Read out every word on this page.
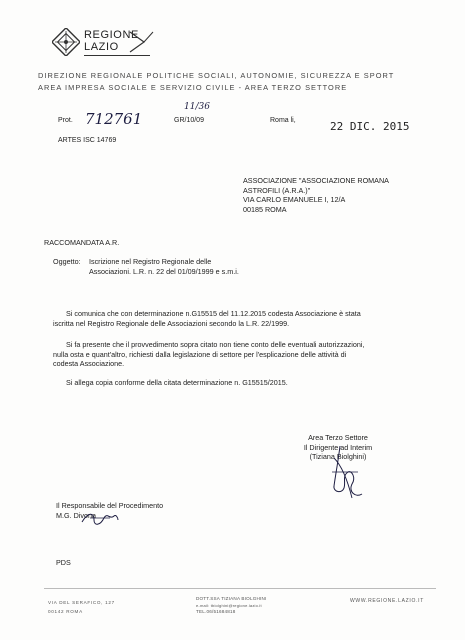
REGIONE
LAZIO
DIREZIONE REGIONALE POLITICHE SOCIALI, AUTONOMIE, SICUREZZA E SPORT
AREA IMPRESA SOCIALE E SERVIZIO CIVILE - AREA TERZO SETTORE
Prot. 712761
11/36
GR/10/09	Roma li,	22 DIC. 2015
ARTES ISC 14769
ASSOCIAZIONE "ASSOCIAZIONE ROMANA
ASTROFILI (A.R.A.)"
VIA CARLO EMANUELE I, 12/A
00185 ROMA
RACCOMANDATA A.R.
Oggetto: Iscrizione nel Registro Regionale delle
Associazioni. L.R. n. 22 del 01/09/1999 e s.m.i.
Si comunica che con determinazione n.G15515 del 11.12.2015 codesta Associazione è stata
iscritta nel Registro Regionale delle Associazioni secondo la L.R. 22/1999.
Si fa presente che il provvedimento sopra citato non tiene conto delle eventuali autorizzazioni,
nulla osta e quant'altro, richiesti dalla legislazione di settore per l'esplicazione delle attività di
codesta Associazione.
Si allega copia conforme della citata determinazione n. G15515/2015.
Area Terzo Settore
Il Dirigente ad Interim
(Tiziana Biolghini)
Il Responsabile del Procedimento
M.G. Divona
PDS
VIA DEL SERAFICO, 127
00142 ROMA
DOTT.SSA TIZIANA BIOLGHINI
e-mail: tbiolghini@regione.lazio.it
TEL.06/51684818
WWW.REGIONE.LAZIO.IT
